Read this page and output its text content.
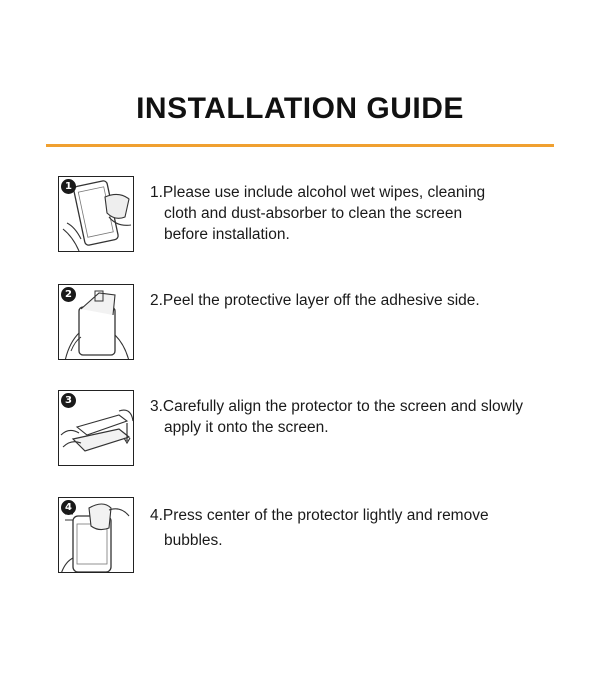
INSTALLATION GUIDE
1	1.Please use include alcohol wet wipes, cleaning
cloth and dust-absorber to clean the screen
before installation.
2	2.Peel the protective layer off the adhesive side.
3	3.Carefully align the protector to the screen and slowly
apply it onto the screen.
4	4.Press center of the protector lightly and remove
bubbles.
